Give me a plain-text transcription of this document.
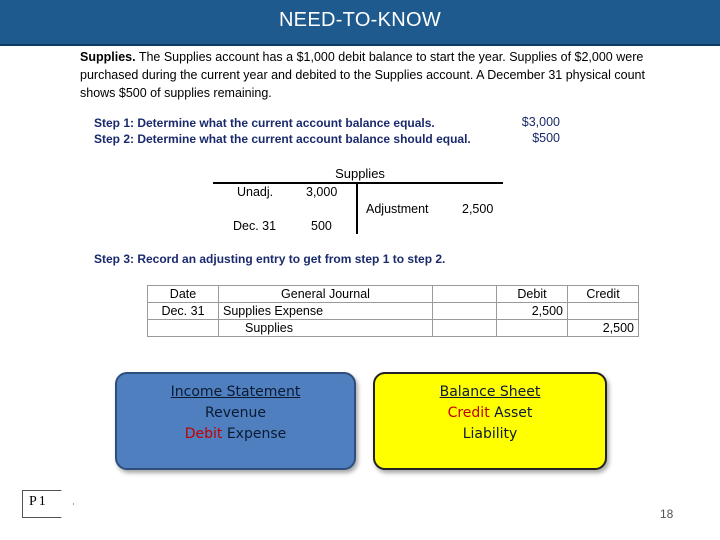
NEED-TO-KNOW
Supplies. The Supplies account has a $1,000 debit balance to start the year. Supplies of $2,000 were purchased during the current year and debited to the Supplies account. A December 31 physical count shows $500 of supplies remaining.
Step 1: Determine what the current account balance equals.	$3,000
Step 2: Determine what the current account balance should equal.	$500
Supplies
Unadj.	3,000
Adjustment	2,500
Dec. 31	500
Step 3: Record an adjusting entry to get from step 1 to step 2.
Date	General Journal		Debit	Credit
Dec. 31	Supplies Expense		2,500	
	Supplies			2,500
Income Statement
Revenue
Debit Expense
Balance Sheet
Credit Asset
Liability
P1
18
